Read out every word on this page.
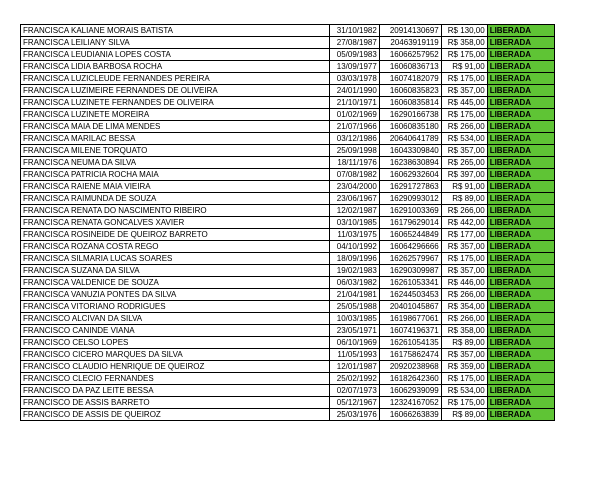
FRANCISCA KALIANE MORAIS BATISTA	31/10/1982	20914130697	R$ 130,00	LIBERADA
FRANCISCA LEILIANY SILVA	27/08/1987	20463919119	R$ 358,00	LIBERADA
FRANCISCA LEUDIANIA LOPES COSTA	05/09/1983	16066257952	R$ 175,00	LIBERADA
FRANCISCA LIDIA BARBOSA ROCHA	13/09/1977	16060836713	R$ 91,00	LIBERADA
FRANCISCA LUZICLEUDE FERNANDES PEREIRA	03/03/1978	16074182079	R$ 175,00	LIBERADA
FRANCISCA LUZIMEIRE FERNANDES DE OLIVEIRA	24/01/1990	16060835823	R$ 357,00	LIBERADA
FRANCISCA LUZINETE FERNANDES DE OLIVEIRA	21/10/1971	16060835814	R$ 445,00	LIBERADA
FRANCISCA LUZINETE MOREIRA	01/02/1969	16290166738	R$ 175,00	LIBERADA
FRANCISCA MAIA DE LIMA MENDES	21/07/1966	16060835180	R$ 266,00	LIBERADA
FRANCISCA MARILAC BESSA	03/12/1986	20640641789	R$ 534,00	LIBERADA
FRANCISCA MILENE TORQUATO	25/09/1998	16043309840	R$ 357,00	LIBERADA
FRANCISCA NEUMA DA SILVA	18/11/1976	16238630894	R$ 265,00	LIBERADA
FRANCISCA PATRICIA ROCHA MAIA	07/08/1982	16062932604	R$ 397,00	LIBERADA
FRANCISCA RAIENE MAIA VIEIRA	23/04/2000	16291727863	R$ 91,00	LIBERADA
FRANCISCA RAIMUNDA DE SOUZA	23/06/1967	16290993012	R$ 89,00	LIBERADA
FRANCISCA RENATA DO NASCIMENTO RIBEIRO	12/02/1987	16291003369	R$ 266,00	LIBERADA
FRANCISCA RENATA GONCALVES XAVIER	03/10/1985	16179629014	R$ 442,00	LIBERADA
FRANCISCA ROSINEIDE DE QUEIROZ BARRETO	11/03/1975	16065244849	R$ 177,00	LIBERADA
FRANCISCA ROZANA COSTA REGO	04/10/1992	16064296666	R$ 357,00	LIBERADA
FRANCISCA SILMARIA LUCAS SOARES	18/09/1996	16262579967	R$ 175,00	LIBERADA
FRANCISCA SUZANA DA SILVA	19/02/1983	16290309987	R$ 357,00	LIBERADA
FRANCISCA VALDENICE DE SOUZA	06/03/1982	16261053341	R$ 446,00	LIBERADA
FRANCISCA VANUZIA PONTES DA SILVA	21/04/1981	16244503453	R$ 266,00	LIBERADA
FRANCISCA VITORIANO RODRIGUES	25/05/1988	20401045867	R$ 354,00	LIBERADA
FRANCISCO ALCIVAN DA SILVA	10/03/1985	16198677061	R$ 266,00	LIBERADA
FRANCISCO CANINDE VIANA	23/05/1971	16074196371	R$ 358,00	LIBERADA
FRANCISCO CELSO LOPES	06/10/1969	16261054135	R$ 89,00	LIBERADA
FRANCISCO CICERO MARQUES DA SILVA	11/05/1993	16175862474	R$ 357,00	LIBERADA
FRANCISCO CLAUDIO HENRIQUE DE QUEIROZ	12/01/1987	20920238968	R$ 359,00	LIBERADA
FRANCISCO CLECIO FERNANDES	25/02/1992	16182642360	R$ 175,00	LIBERADA
FRANCISCO DA PAZ LEITE BESSA	02/07/1973	16062939099	R$ 534,00	LIBERADA
FRANCISCO DE ASSIS BARRETO	05/12/1967	12324167052	R$ 175,00	LIBERADA
FRANCISCO DE ASSIS DE QUEIROZ	25/03/1976	16066263839	R$ 89,00	LIBERADA
